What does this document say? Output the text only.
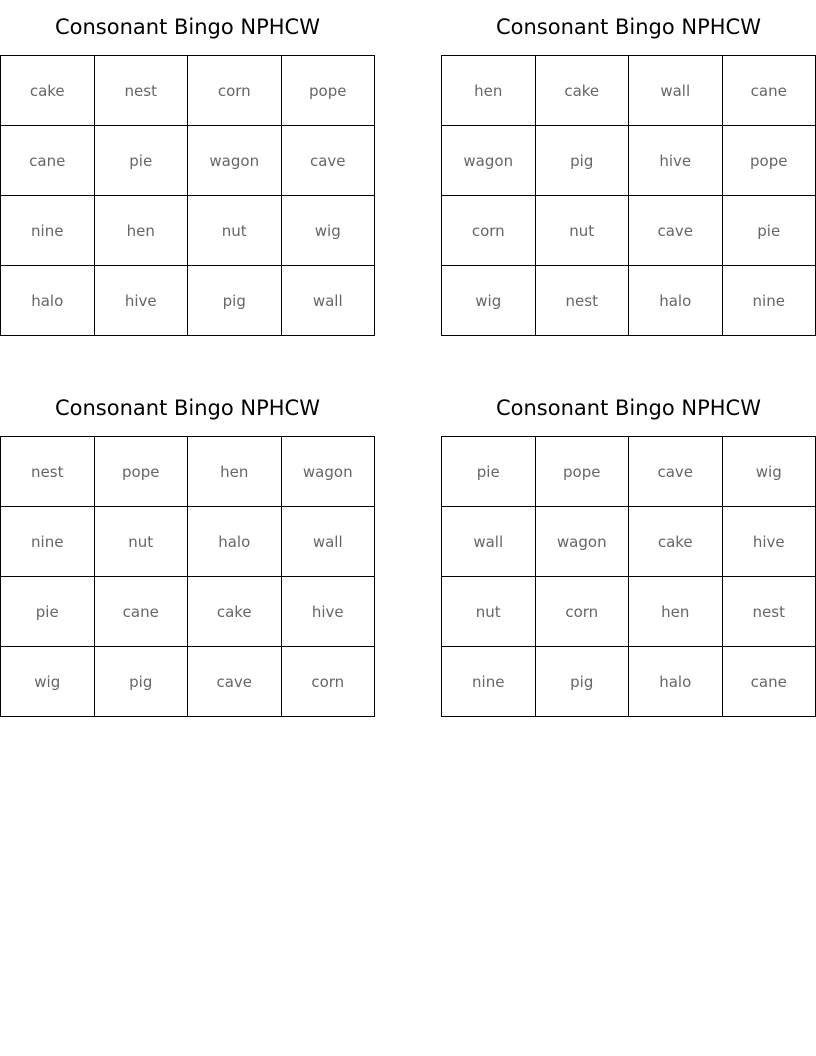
Consonant Bingo NPHCW
cake	nest	corn	pope
cane	pie	wagon	cave
nine	hen	nut	wig
halo	hive	pig	wall
Consonant Bingo NPHCW
hen	cake	wall	cane
wagon	pig	hive	pope
corn	nut	cave	pie
wig	nest	halo	nine
Consonant Bingo NPHCW
nest	pope	hen	wagon
nine	nut	halo	wall
pie	cane	cake	hive
wig	pig	cave	corn
Consonant Bingo NPHCW
pie	pope	cave	wig
wall	wagon	cake	hive
nut	corn	hen	nest
nine	pig	halo	cane
